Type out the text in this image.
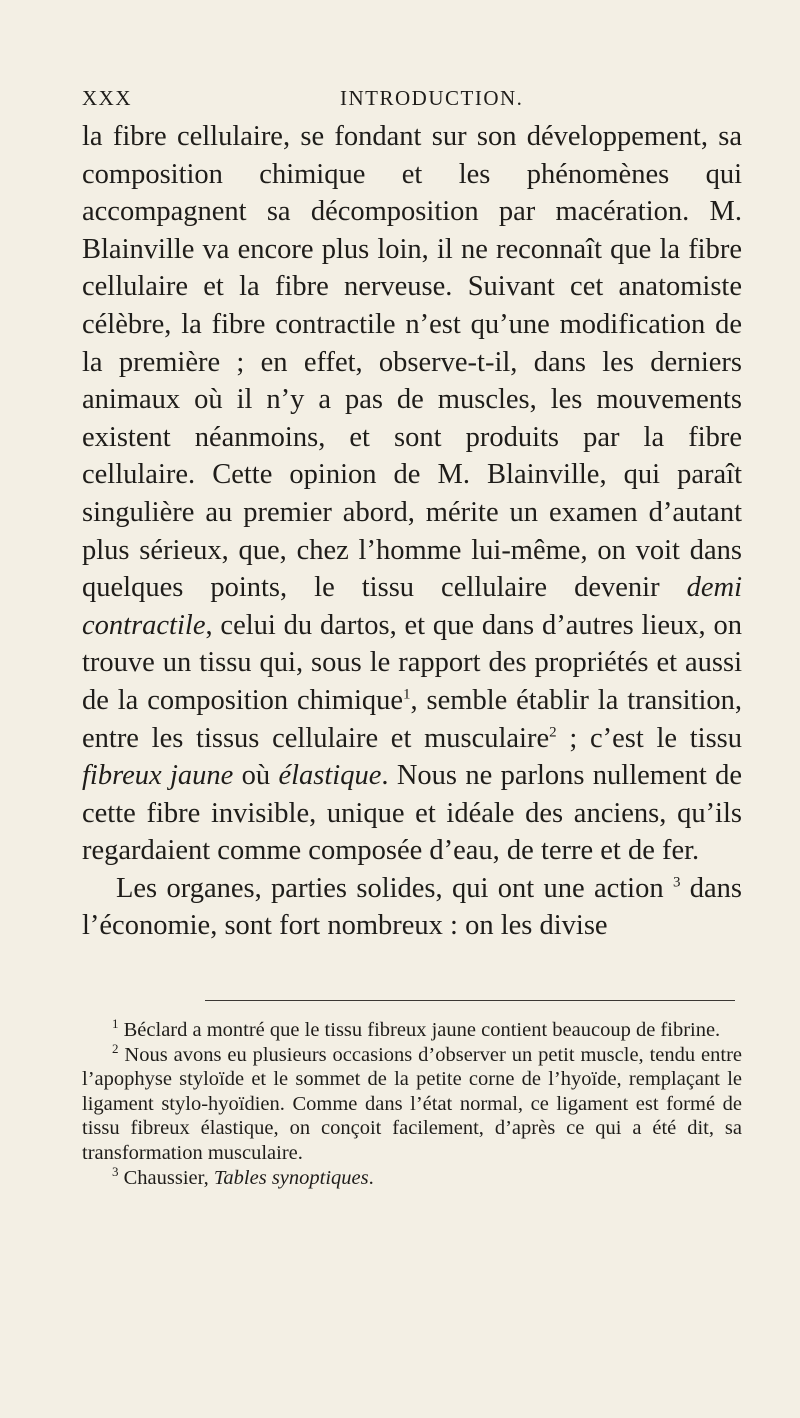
XXX	INTRODUCTION.

la fibre cellulaire, se fondant sur son développement, sa composition chimique et les phénomènes qui accompagnent sa décomposition par macération. M. Blainville va encore plus loin, il ne reconnaît que la fibre cellulaire et la fibre nerveuse. Suivant cet anatomiste célèbre, la fibre contractile n’est qu’une modification de la première ; en effet, observe-t-il, dans les derniers animaux où il n’y a pas de muscles, les mouvements existent néanmoins, et sont produits par la fibre cellulaire. Cette opinion de M. Blainville, qui paraît singulière au premier abord, mérite un examen d’autant plus sérieux, que, chez l’homme lui-même, on voit dans quelques points, le tissu cellulaire devenir demi contractile, celui du dartos, et que dans d’autres lieux, on trouve un tissu qui, sous le rapport des propriétés et aussi de la composition chimique$^1$, semble établir la transition, entre les tissus cellulaire et musculaire$^2$ ; c’est le tissu fibreux jaune où élastique. Nous ne parlons nullement de cette fibre invisible, unique et idéale des anciens, qu’ils regardaient comme composée d’eau, de terre et de fer.

Les organes, parties solides, qui ont une action $^3$ dans l’économie, sont fort nombreux : on les divise

$^1$ Béclard a montré que le tissu fibreux jaune contient beaucoup de fibrine.

$^2$ Nous avons eu plusieurs occasions d’observer un petit muscle, tendu entre l’apophyse styloïde et le sommet de la petite corne de l’hyoïde, remplaçant le ligament stylo-hyoïdien. Comme dans l’état normal, ce ligament est formé de tissu fibreux élastique, on conçoit facilement, d’après ce qui a été dit, sa transformation musculaire.

$^3$ Chaussier, Tables synoptiques.
